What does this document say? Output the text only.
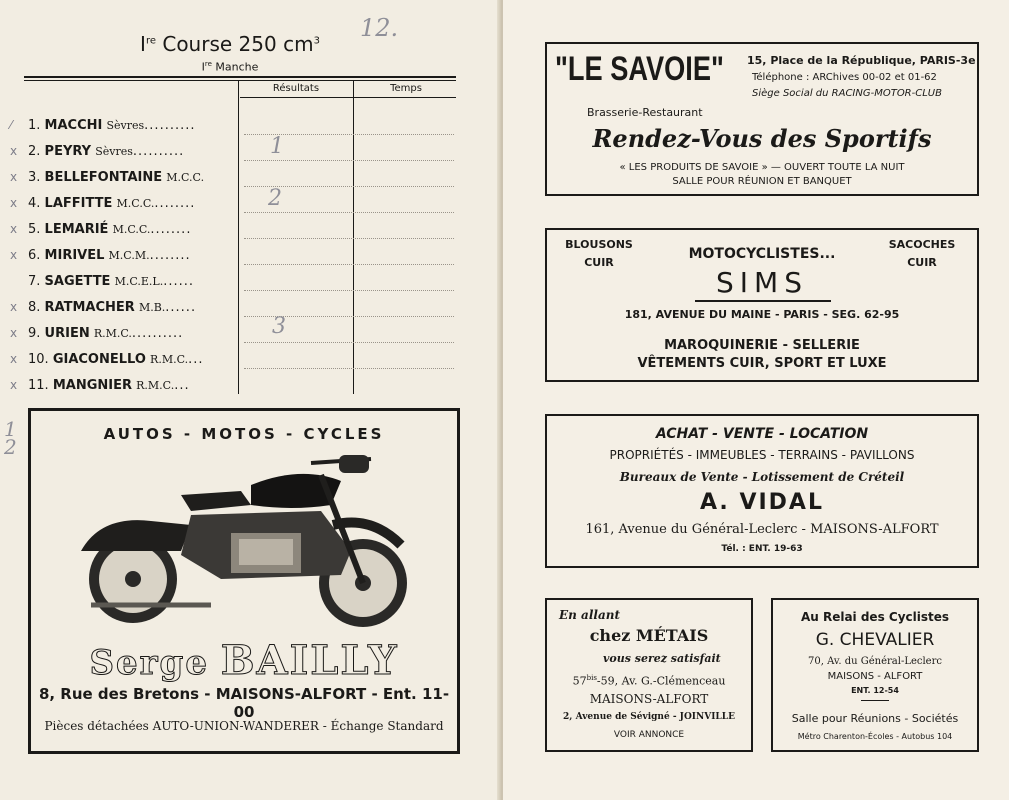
Ire Course 250 $cm^3$	12.
Ire Manche
Résultats	Temps
⁄ 1. MACCHI Sèvres..........
x 2. PEYRY Sèvres..........	1
x 3. BELLEFONTAINE M.C.C.
x 4. LAFFITTE M.C.C.........	2
x 5. LEMARIÉ M.C.C.........
x 6. MIRIVEL M.C.M.........
7. SAGETTE M.C.E.L.......
x 8. RATMACHER M.B.......
x 9. URIEN R.M.C...........	3
x 10. GIACONELLO R.M.C....
x 11. MANGNIER R.M.C....
1 2
AUTOS - MOTOS - CYCLES
Serge BAILLY
8, Rue des Bretons - MAISONS-ALFORT - Ent. 11-00
Pièces détachées AUTO-UNION-WANDERER - Échange Standard
"LE SAVOIE" 15, Place de la République, PARIS-3e
Téléphone : ARChives 00-02 et 01-62
Siège Social du RACING-MOTOR-CLUB
Brasserie-Restaurant
Rendez-Vous des Sportifs
« LES PRODUITS DE SAVOIE » — OUVERT TOUTE LA NUIT
SALLE POUR RÉUNION ET BANQUET
BLOUSONS
CUIR
SACOCHES
CUIR
MOTOCYCLISTES...
SIMS
181, AVENUE DU MAINE - PARIS - SEG. 62-95
MAROQUINERIE - SELLERIE
VÊTEMENTS CUIR, SPORT ET LUXE
ACHAT - VENTE - LOCATION
PROPRIÉTÉS - IMMEUBLES - TERRAINS - PAVILLONS
Bureaux de Vente - Lotissement de Créteil
A. VIDAL
161, Avenue du Général-Leclerc - MAISONS-ALFORT
Tél. : ENT. 19-63
En allant
chez MÉTAIS
vous serez satisfait
$57^{bis}-59$, Av. G.-Clémenceau
MAISONS-ALFORT
2, Avenue de Sévigné - JOINVILLE
VOIR ANNONCE
Au Relai des Cyclistes
G. CHEVALIER
70, Av. du Général-Leclerc
MAISONS - ALFORT
ENT. 12-54
Salle pour Réunions - Sociétés
Métro Charenton-Écoles - Autobus 104
